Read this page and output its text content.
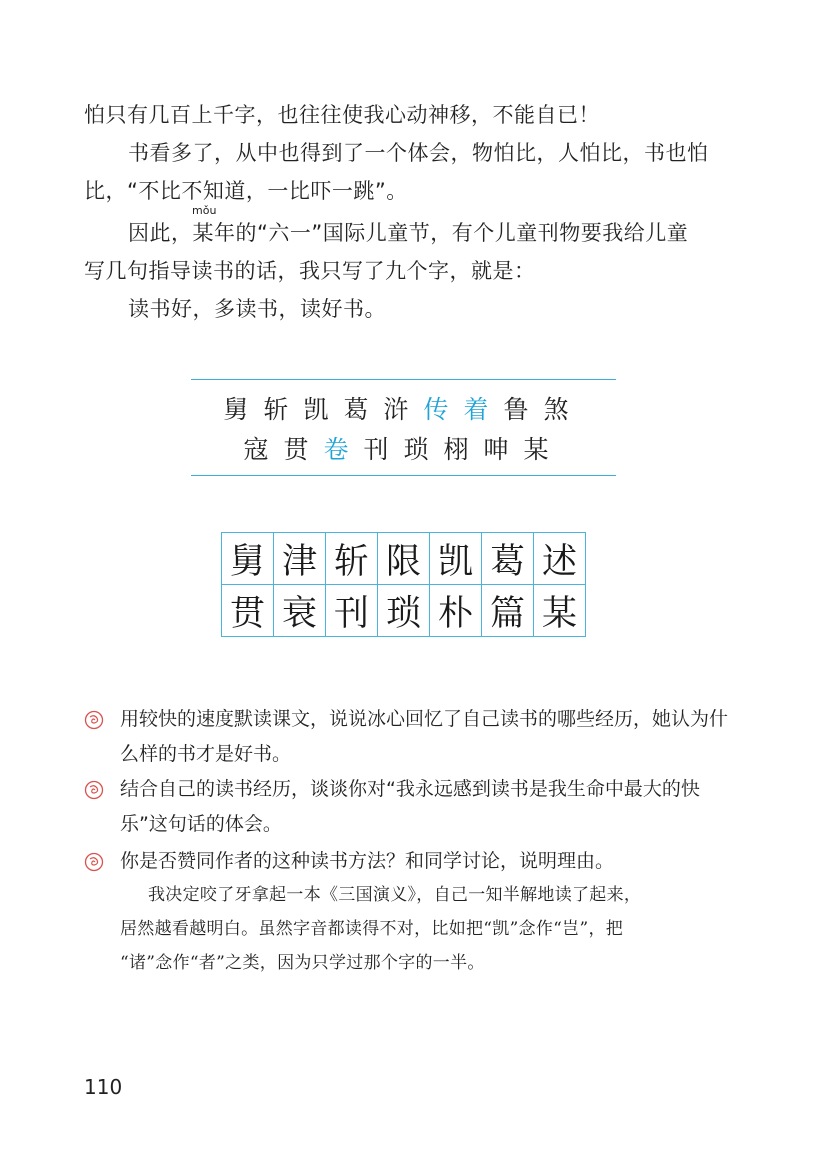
怕只有几百上千字，也往往使我心动神移，不能自已！

书看多了，从中也得到了一个体会，物怕比，人怕比，书也怕

比，“不比不知道，一比吓一跳”。

mǒu

因此，某年的“六一”国际儿童节，有个儿童刊物要我给儿童

写几句指导读书的话，我只写了九个字，就是：

读书好，多读书，读好书。

舅斩凯葛浒传着鲁煞
寇贯卷刊琐栩呻某
舅	津	斩	限	凯	葛	述
贯	衰	刊	琐	朴	篇	某
用较快的速度默读课文，说说冰心回忆了自己读书的哪些经历，她认为什
么样的书才是好书。
结合自己的读书经历，谈谈你对“我永远感到读书是我生命中最大的快
乐”这句话的体会。
你是否赞同作者的这种读书方法？和同学讨论，说明理由。
我决定咬了牙拿起一本《三国演义》，自己一知半解地读了起来，
居然越看越明白。虽然字音都读得不对，比如把“凯”念作“岂”，把
“诸”念作“者”之类，因为只学过那个字的一半。
110
